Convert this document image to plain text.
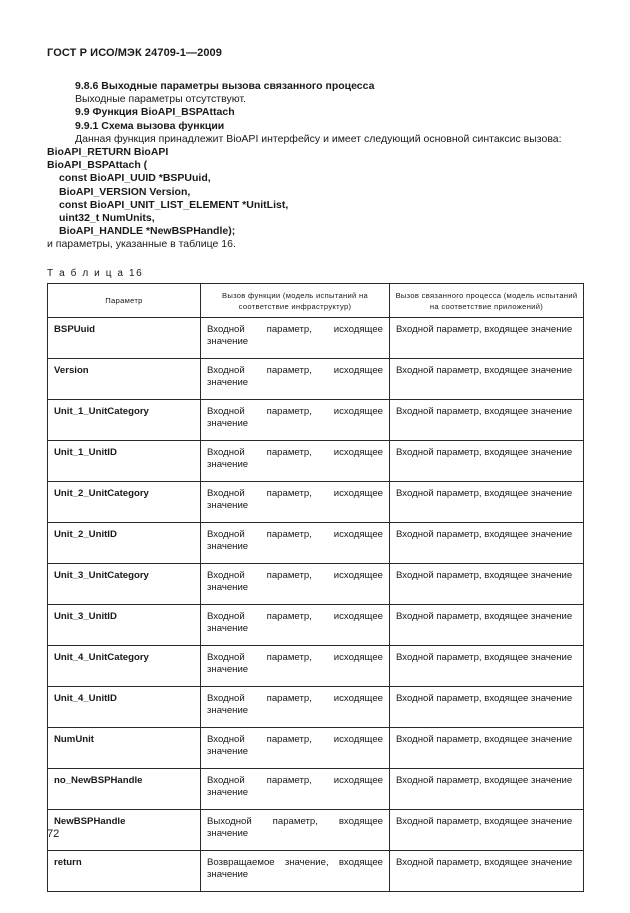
ГОСТ Р ИСО/МЭК 24709-1—2009
9.8.6 Выходные параметры вызова связанного процесса
Выходные параметры отсутствуют.
9.9 Функция BioAPI_BSPAttach
9.9.1 Схема вызова функции
Данная функция принадлежит BioAPI интерфейсу и имеет следующий основной синтаксис вызова:
BioAPI_RETURN BioAPI
BioAPI_BSPAttach (
const BioAPI_UUID *BSPUuid,
BioAPI_VERSION Version,
const BioAPI_UNIT_LIST_ELEMENT *UnitList,
uint32_t NumUnits,
BioAPI_HANDLE *NewBSPHandle);
и параметры, указанные в таблице 16.
Т а б л и ц а 16
Параметр	Вызов функции (модель испытаний на соответствие инфраструктур)	Вызов связанного процесса (модель испытаний на соответствие приложений)
BSPUuid	Входной параметр, исходящее значение	Входной параметр, входящее значение
Version	Входной параметр, исходящее значение	Входной параметр, входящее значение
Unit_1_UnitCategory	Входной параметр, исходящее значение	Входной параметр, входящее значение
Unit_1_UnitID	Входной параметр, исходящее значение	Входной параметр, входящее значение
Unit_2_UnitCategory	Входной параметр, исходящее значение	Входной параметр, входящее значение
Unit_2_UnitID	Входной параметр, исходящее значение	Входной параметр, входящее значение
Unit_3_UnitCategory	Входной параметр, исходящее значение	Входной параметр, входящее значение
Unit_3_UnitID	Входной параметр, исходящее значение	Входной параметр, входящее значение
Unit_4_UnitCategory	Входной параметр, исходящее значение	Входной параметр, входящее значение
Unit_4_UnitID	Входной параметр, исходящее значение	Входной параметр, входящее значение
NumUnit	Входной параметр, исходящее значение	Входной параметр, входящее значение
no_NewBSPHandle	Входной параметр, исходящее значение	Входной параметр, входящее значение
NewBSPHandle	Выходной параметр, входящее значение	Входной параметр, входящее значение
return	Возвращаемое значение, входящее значение	Входной параметр, входящее значение
72
